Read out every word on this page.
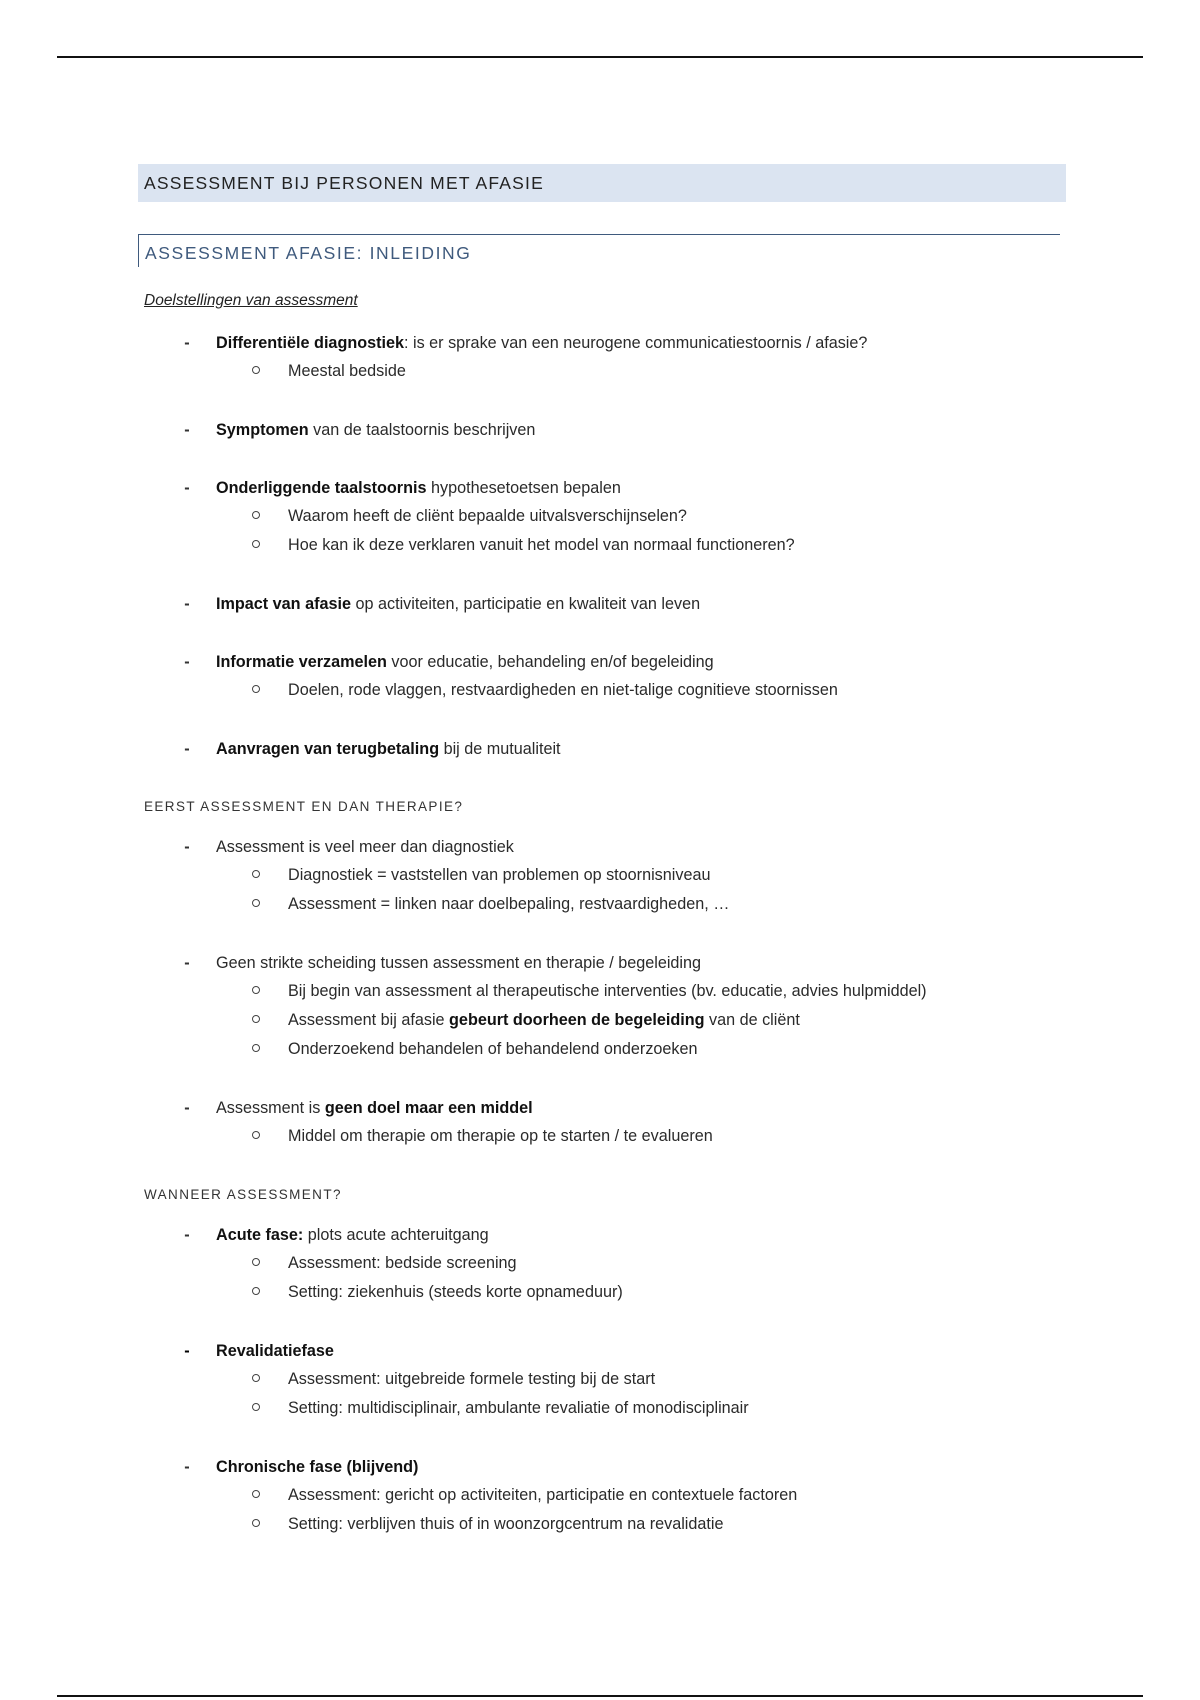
ASSESSMENT BIJ PERSONEN MET AFASIE
ASSESSMENT AFASIE: INLEIDING
Doelstellingen van assessment
- Differentiële diagnostiek: is er sprake van een neurogene communicatiestoornis / afasie?
Meestal bedside
- Symptomen van de taalstoornis beschrijven
- Onderliggende taalstoornis hypothesetoetsen bepalen
Waarom heeft de cliënt bepaalde uitvalsverschijnselen?
Hoe kan ik deze verklaren vanuit het model van normaal functioneren?
- Impact van afasie op activiteiten, participatie en kwaliteit van leven
- Informatie verzamelen voor educatie, behandeling en/of begeleiding
Doelen, rode vlaggen, restvaardigheden en niet-talige cognitieve stoornissen
- Aanvragen van terugbetaling bij de mutualiteit
EERST ASSESSMENT EN DAN THERAPIE?
- Assessment is veel meer dan diagnostiek
Diagnostiek = vaststellen van problemen op stoornisniveau
Assessment = linken naar doelbepaling, restvaardigheden, …
- Geen strikte scheiding tussen assessment en therapie / begeleiding
Bij begin van assessment al therapeutische interventies (bv. educatie, advies hulpmiddel)
Assessment bij afasie gebeurt doorheen de begeleiding van de cliënt
Onderzoekend behandelen of behandelend onderzoeken
- Assessment is geen doel maar een middel
Middel om therapie om therapie op te starten / te evalueren
WANNEER ASSESSMENT?
- Acute fase: plots acute achteruitgang
Assessment: bedside screening
Setting: ziekenhuis (steeds korte opnameduur)
- Revalidatiefase
Assessment: uitgebreide formele testing bij de start
Setting: multidisciplinair, ambulante revaliatie of monodisciplinair
- Chronische fase (blijvend)
Assessment: gericht op activiteiten, participatie en contextuele factoren
Setting: verblijven thuis of in woonzorgcentrum na revalidatie
